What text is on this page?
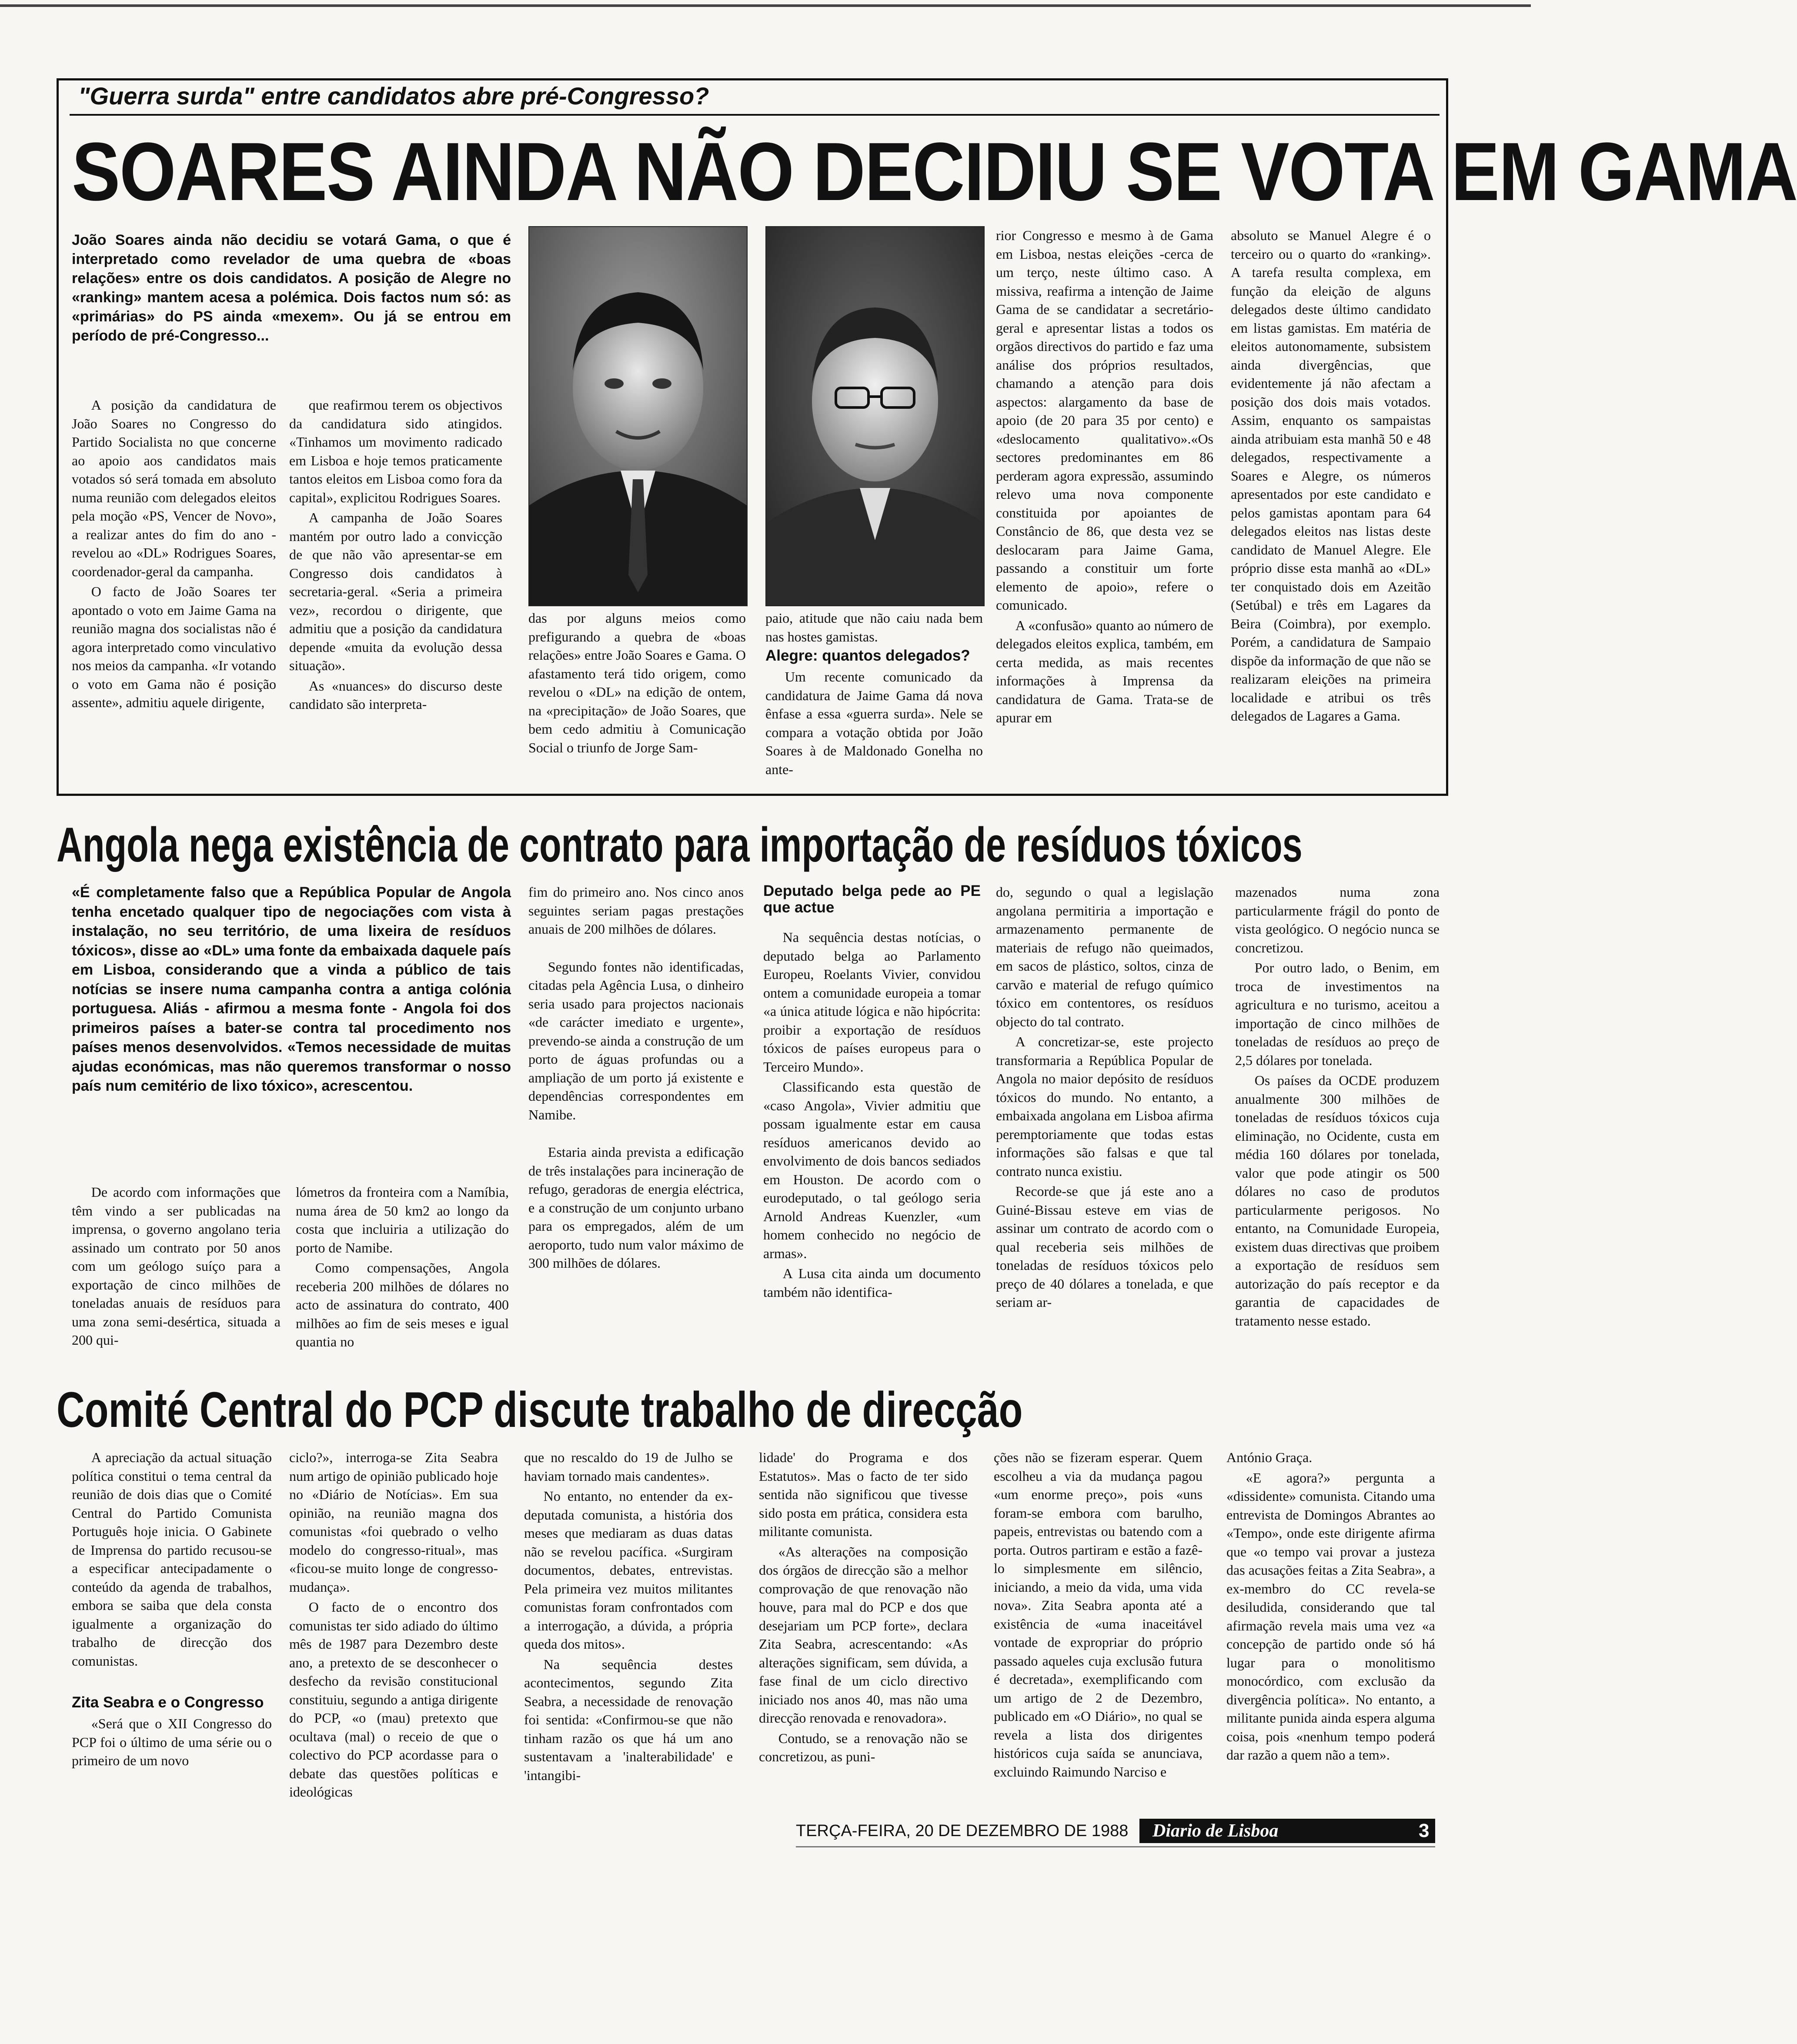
"Guerra surda" entre candidatos abre pré-Congresso?
SOARES AINDA NÃO DECIDIU SE VOTA EM GAMA
João Soares ainda não decidiu se votará Gama, o que é interpretado como revelador de uma quebra de «boas relações» entre os dois candidatos. A posição de Alegre no «ranking» mantem acesa a polémica. Dois factos num só: as «primárias» do PS ainda «mexem». Ou já se entrou em período de pré-Congresso...

A posição da candidatura de João Soares no Congresso do Partido Socialista no que concerne ao apoio aos candidatos mais votados só será tomada em absoluto numa reunião com delegados eleitos pela moção «PS, Vencer de Novo», a realizar antes do fim do ano -revelou ao «DL» Rodrigues Soares, coordenador-geral da campanha.

O facto de João Soares ter apontado o voto em Jaime Gama na reunião magna dos socialistas não é agora interpretado como vinculativo nos meios da campanha. «Ir votando o voto em Gama não é posição assente», admitiu aquele dirigente,

que reafirmou terem os objectivos da candidatura sido atingidos. «Tinhamos um movimento radicado em Lisboa e hoje temos praticamente tantos eleitos em Lisboa como fora da capital», explicitou Rodrigues Soares.

A campanha de João Soares mantém por outro lado a convicção de que não vão apresentar-se em Congresso dois candidatos à secretaria-geral. «Seria a primeira vez», recordou o dirigente, que admitiu que a posição da candidatura depende «muita da evolução dessa situação».

As «nuances» do discurso deste candidato são interpreta-

das por alguns meios como prefigurando a quebra de «boas relações» entre João Soares e Gama. O afastamento terá tido origem, como revelou o «DL» na edição de ontem, na «precipitação» de João Soares, que bem cedo admitiu à Comunicação Social o triunfo de Jorge Sam-

paio, atitude que não caiu nada bem nas hostes gamistas.

Alegre: quantos delegados?

Um recente comunicado da candidatura de Jaime Gama dá nova ênfase a essa «guerra surda». Nele se compara a votação obtida por João Soares à de Maldonado Gonelha no ante-

rior Congresso e mesmo à de Gama em Lisboa, nestas eleições -cerca de um terço, neste último caso. A missiva, reafirma a intenção de Jaime Gama de se candidatar a secretário-geral e apresentar listas a todos os orgãos directivos do partido e faz uma análise dos próprios resultados, chamando a atenção para dois aspectos: alargamento da base de apoio (de 20 para 35 por cento) e «deslocamento qualitativo».«Os sectores predominantes em 86 perderam agora expressão, assumindo relevo uma nova componente constituida por apoiantes de Constâncio de 86, que desta vez se deslocaram para Jaime Gama, passando a constituir um forte elemento de apoio», refere o comunicado.

A «confusão» quanto ao número de delegados eleitos explica, também, em certa medida, as mais recentes informações à Imprensa da candidatura de Gama. Trata-se de apurar em

absoluto se Manuel Alegre é o terceiro ou o quarto do «ranking». A tarefa resulta complexa, em função da eleição de alguns delegados deste último candidato em listas gamistas. Em matéria de eleitos autonomamente, subsistem ainda divergências, que evidentemente já não afectam a posição dos dois mais votados. Assim, enquanto os sampaistas ainda atribuiam esta manhã 50 e 48 delegados, respectivamente a Soares e Alegre, os números apresentados por este candidato e pelos gamistas apontam para 64 delegados eleitos nas listas deste candidato de Manuel Alegre. Ele próprio disse esta manhã ao «DL» ter conquistado dois em Azeitão (Setúbal) e três em Lagares da Beira (Coimbra), por exemplo. Porém, a candidatura de Sampaio dispõe da informação de que não se realizaram eleições na primeira localidade e atribui os três delegados de Lagares a Gama.

Angola nega existência de contrato para importação de resíduos tóxicos
«É completamente falso que a República Popular de Angola tenha encetado qualquer tipo de negociações com vista à instalação, no seu território, de uma lixeira de resíduos tóxicos», disse ao «DL» uma fonte da embaixada daquele país em Lisboa, considerando que a vinda a público de tais notícias se insere numa campanha contra a antiga colónia portuguesa. Aliás - afirmou a mesma fonte - Angola foi dos primeiros países a bater-se contra tal procedimento nos países menos desenvolvidos. «Temos necessidade de muitas ajudas económicas, mas não queremos transformar o nosso país num cemitério de lixo tóxico», acrescentou.

De acordo com informações que têm vindo a ser publicadas na imprensa, o governo angolano teria assinado um contrato por 50 anos com um geólogo suíço para a exportação de cinco milhões de toneladas anuais de resíduos para uma zona semi-desértica, situada a 200 qui-

lómetros da fronteira com a Namíbia, numa área de 50 km2 ao longo da costa que incluiria a utilização do porto de Namibe.

Como compensações, Angola receberia 200 milhões de dólares no acto de assinatura do contrato, 400 milhões ao fim de seis meses e igual quantia no

fim do primeiro ano. Nos cinco anos seguintes seriam pagas prestações anuais de 200 milhões de dólares.

Segundo fontes não identificadas, citadas pela Agência Lusa, o dinheiro seria usado para projectos nacionais «de carácter imediato e urgente», prevendo-se ainda a construção de um porto de águas profundas ou a ampliação de um porto já existente e dependências correspondentes em Namibe.

Estaria ainda prevista a edificação de três instalações para incineração de refugo, geradoras de energia eléctrica, e a construção de um conjunto urbano para os empregados, além de um aeroporto, tudo num valor máximo de 300 milhões de dólares.

Deputado belga pede ao PE que actue

Na sequência destas notícias, o deputado belga ao Parlamento Europeu, Roelants Vivier, convidou ontem a comunidade europeia a tomar «a única atitude lógica e não hipócrita: proibir a exportação de resíduos tóxicos de países europeus para o Terceiro Mundo».

Classificando esta questão de «caso Angola», Vivier admitiu que possam igualmente estar em causa resíduos americanos devido ao envolvimento de dois bancos sediados em Houston. De acordo com o eurodeputado, o tal geólogo seria Arnold Andreas Kuenzler, «um homem conhecido no negócio de armas».

A Lusa cita ainda um documento também não identifica-

do, segundo o qual a legislação angolana permitiria a importação e armazenamento permanente de materiais de refugo não queimados, em sacos de plástico, soltos, cinza de carvão e material de refugo químico tóxico em contentores, os resíduos objecto do tal contrato.

A concretizar-se, este projecto transformaria a República Popular de Angola no maior depósito de resíduos tóxicos do mundo. No entanto, a embaixada angolana em Lisboa afirma peremptoriamente que todas estas informações são falsas e que tal contrato nunca existiu.

Recorde-se que já este ano a Guiné-Bissau esteve em vias de assinar um contrato de acordo com o qual receberia seis milhões de toneladas de resíduos tóxicos pelo preço de 40 dólares a tonelada, e que seriam ar-

mazenados numa zona particularmente frágil do ponto de vista geológico. O negócio nunca se concretizou.

Por outro lado, o Benim, em troca de investimentos na agricultura e no turismo, aceitou a importação de cinco milhões de toneladas de resíduos ao preço de 2,5 dólares por tonelada.

Os países da OCDE produzem anualmente 300 milhões de toneladas de resíduos tóxicos cuja eliminação, no Ocidente, custa em média 160 dólares por tonelada, valor que pode atingir os 500 dólares no caso de produtos particularmente perigosos. No entanto, na Comunidade Europeia, existem duas directivas que proibem a exportação de resíduos sem autorização do país receptor e da garantia de capacidades de tratamento nesse estado.

Comité Central do PCP discute trabalho de direcção

A apreciação da actual situação política constitui o tema central da reunião de dois dias que o Comité Central do Partido Comunista Português hoje inicia. O Gabinete de Imprensa do partido recusou-se a especificar antecipadamente o conteúdo da agenda de trabalhos, embora se saiba que dela consta igualmente a organização do trabalho de direcção dos comunistas.

Zita Seabra e o Congresso

«Será que o XII Congresso do PCP foi o último de uma série ou o primeiro de um novo

ciclo?», interroga-se Zita Seabra num artigo de opinião publicado hoje no «Diário de Notícias». Em sua opinião, na reunião magna dos comunistas «foi quebrado o velho modelo do congresso-ritual», mas «ficou-se muito longe de congresso-mudança».

O facto de o encontro dos comunistas ter sido adiado do último mês de 1987 para Dezembro deste ano, a pretexto de se desconhecer o desfecho da revisão constitucional constituiu, segundo a antiga dirigente do PCP, «o (mau) pretexto que ocultava (mal) o receio de que o colectivo do PCP acordasse para o debate das questões políticas e ideológicas

que no rescaldo do 19 de Julho se haviam tornado mais candentes».

No entanto, no entender da ex-deputada comunista, a história dos meses que mediaram as duas datas não se revelou pacífica. «Surgiram documentos, debates, entrevistas. Pela primeira vez muitos militantes comunistas foram confrontados com a interrogação, a dúvida, a própria queda dos mitos».

Na sequência destes acontecimentos, segundo Zita Seabra, a necessidade de renovação foi sentida: «Confirmou-se que não tinham razão os que há um ano sustentavam a 'inalterabilidade' e 'intangibi-

lidade' do Programa e dos Estatutos». Mas o facto de ter sido sentida não significou que tivesse sido posta em prática, considera esta militante comunista.

«As alterações na composição dos órgãos de direcção são a melhor comprovação de que renovação não houve, para mal do PCP e dos que desejariam um PCP forte», declara Zita Seabra, acrescentando: «As alterações significam, sem dúvida, a fase final de um ciclo directivo iniciado nos anos 40, mas não uma direcção renovada e renovadora».

Contudo, se a renovação não se concretizou, as puni-

ções não se fizeram esperar. Quem escolheu a via da mudança pagou «um enorme preço», pois «uns foram-se embora com barulho, papeis, entrevistas ou batendo com a porta. Outros partiram e estão a fazê-lo simplesmente em silêncio, iniciando, a meio da vida, uma vida nova». Zita Seabra aponta até a existência de «uma inaceitável vontade de expropriar do próprio passado aqueles cuja exclusão futura é decretada», exemplificando com um artigo de 2 de Dezembro, publicado em «O Diário», no qual se revela a lista dos dirigentes históricos cuja saída se anunciava, excluindo Raimundo Narciso e

António Graça.

«E agora?» pergunta a «dissidente» comunista. Citando uma entrevista de Domingos Abrantes ao «Tempo», onde este dirigente afirma que «o tempo vai provar a justeza das acusações feitas a Zita Seabra», a ex-membro do CC revela-se desiludida, considerando que tal afirmação revela mais uma vez «a concepção de partido onde só há lugar para o monolitismo monocórdico, com exclusão da divergência política». No entanto, a militante punida ainda espera alguma coisa, pois «nenhum tempo poderá dar razão a quem não a tem».

TERÇA-FEIRA, 20 DE DEZEMBRO DE 1988 Diario de Lisboa	3
